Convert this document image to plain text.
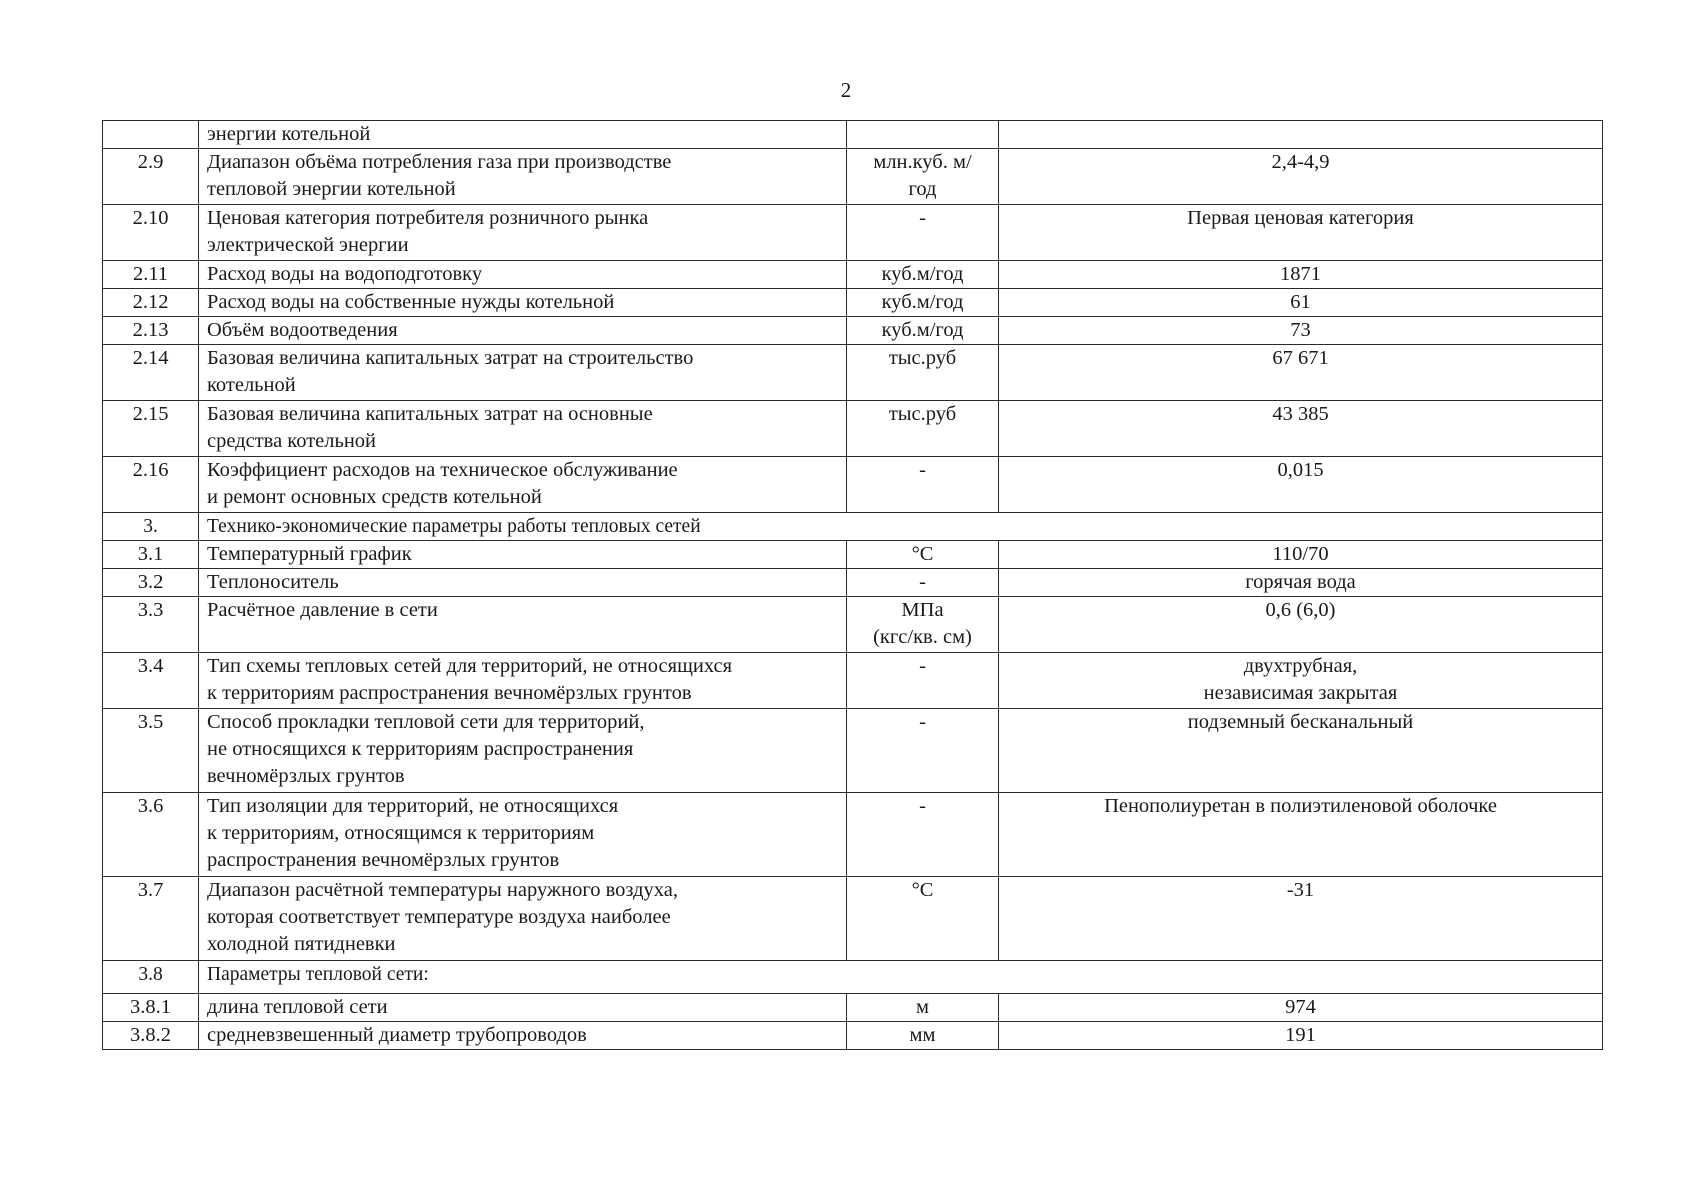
2
	энергии котельной		
2.9	Диапазон объёма потребления газа при производстве
тепловой энергии котельной	млн.куб. м/
год	2,4-4,9
2.10	Ценовая категория потребителя розничного рынка
электрической энергии	-	Первая ценовая категория
2.11	Расход воды на водоподготовку	куб.м/год	1871
2.12	Расход воды на собственные нужды котельной	куб.м/год	61
2.13	Объём водоотведения	куб.м/год	73
2.14	Базовая величина капитальных затрат на строительство
котельной	тыс.руб	67 671
2.15	Базовая величина капитальных затрат на основные
средства котельной	тыс.руб	43 385
2.16	Коэффициент расходов на техническое обслуживание
и ремонт основных средств котельной	-	0,015
3.	Технико-экономические параметры работы тепловых сетей		
3.1	Температурный график	°С	110/70
3.2	Теплоноситель	-	горячая вода
3.3	Расчётное давление в сети	МПа
(кгс/кв. см)	0,6 (6,0)
3.4	Тип схемы тепловых сетей для территорий, не относящихся
к территориям распространения вечномёрзлых грунтов	-	двухтрубная,
независимая закрытая
3.5	Способ прокладки тепловой сети для территорий,
не относящихся к территориям распространения
вечномёрзлых грунтов	-	подземный бесканальный
3.6	Тип изоляции для территорий, не относящихся
к территориям, относящимся к территориям
распространения вечномёрзлых грунтов	-	Пенополиуретан в полиэтиленовой оболочке
3.7	Диапазон расчётной температуры наружного воздуха,
которая соответствует температуре воздуха наиболее
холодной пятидневки	°С	-31
3.8	Параметры тепловой сети:		
3.8.1	длина тепловой сети	м	974
3.8.2	средневзвешенный диаметр трубопроводов	мм	191
